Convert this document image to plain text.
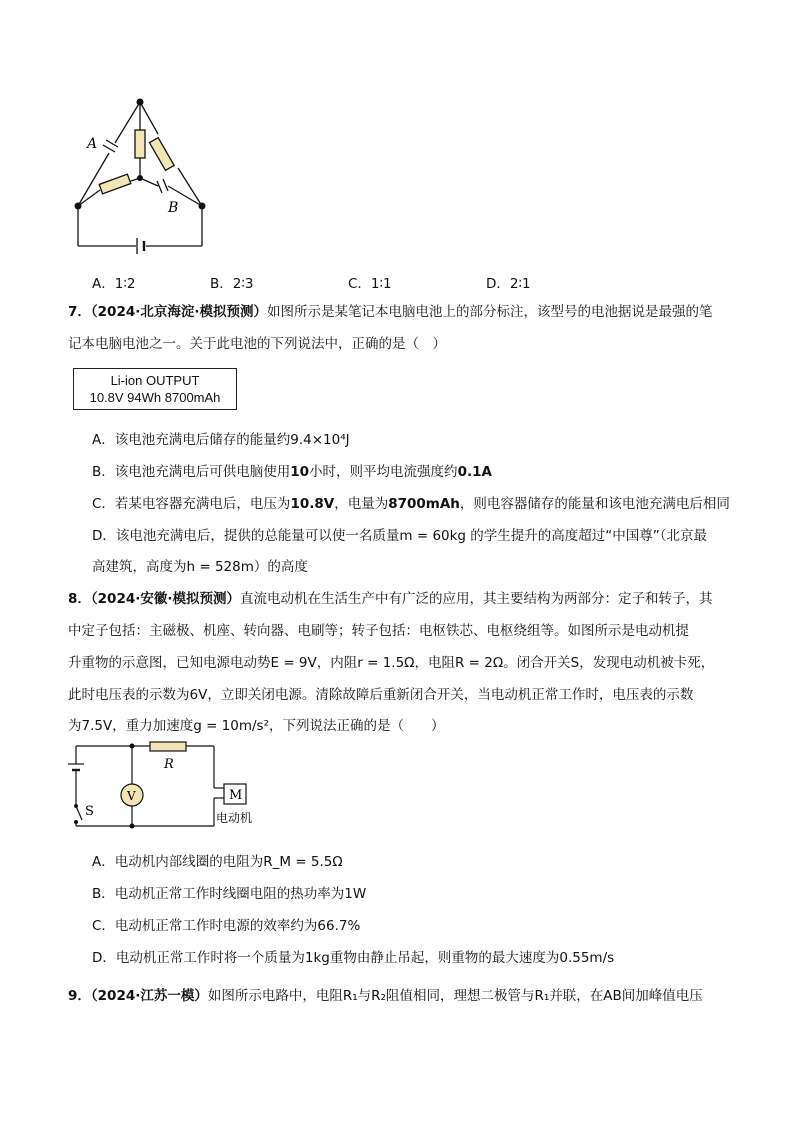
A
B
A．1∶2	B．2∶3	C．1∶1	D．2∶1
7．（2024·北京海淀·模拟预测）如图所示是某笔记本电脑电池上的部分标注，该型号的电池据说是最强的笔
记本电脑电池之一。关于此电池的下列说法中，正确的是（　）
Li-ion OUTPUT
10.8V 94Wh 8700mAh
A．该电池充满电后储存的能量约9.4×10⁴J
B．该电池充满电后可供电脑使用10小时，则平均电流强度约0.1A
C．若某电容器充满电后，电压为10.8V，电量为8700mAh，则电容器储存的能量和该电池充满电后相同
D．该电池充满电后，提供的总能量可以使一名质量m = 60kg 的学生提升的高度超过“中国尊”（北京最
高建筑，高度为h = 528m）的高度
8．（2024·安徽·模拟预测）直流电动机在生活生产中有广泛的应用，其主要结构为两部分：定子和转子，其
中定子包括：主磁极、机座、转向器、电刷等；转子包括：电枢铁芯、电枢绕组等。如图所示是电动机提
升重物的示意图，已知电源电动势E = 9V，内阻r = 1.5Ω，电阻R = 2Ω。闭合开关S，发现电动机被卡死，
此时电压表的示数为6V，立即关闭电源。清除故障后重新闭合开关，当电动机正常工作时，电压表的示数
为7.5V，重力加速度g = 10m/s²，下列说法正确的是（　　）
R
V
S
M
电动机
A．电动机内部线圈的电阻为R_M = 5.5Ω
B．电动机正常工作时线圈电阻的热功率为1W
C．电动机正常工作时电源的效率约为66.7%
D．电动机正常工作时将一个质量为1kg重物由静止吊起，则重物的最大速度为0.55m/s
9．（2024·江苏一模）如图所示电路中，电阻R₁与R₂阻值相同，理想二极管与R₁并联，在AB间加峰值电压
